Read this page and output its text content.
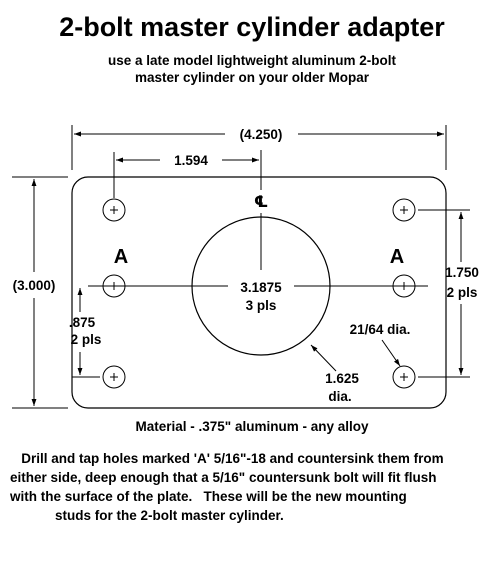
2-bolt master cylinder adapter
use a late model lightweight aluminum 2-bolt
master cylinder on your older Mopar
(4.250)
1.594
℄
A	A
3.1875
3 pls
(3.000)
1.750
2 pls
.875
2 pls
21/64 dia.
1.625
dia.
Material - .375" aluminum - any alloy
Drill and tap holes marked 'A' 5/16"-18 and countersink them from
either side, deep enough that a 5/16" countersunk bolt will fit flush
with the surface of the plate.   These will be the new mounting
studs for the 2-bolt master cylinder.
